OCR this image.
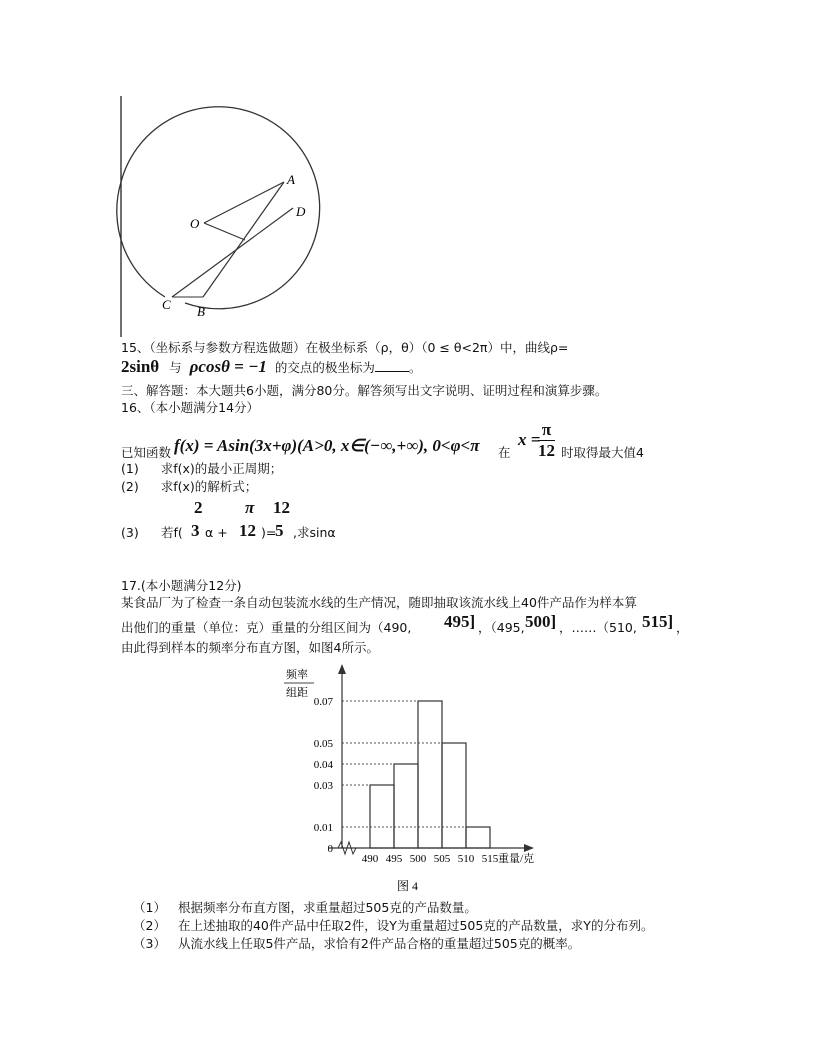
O
A
D
B
C
15、（坐标系与参数方程选做题）在极坐标系（ρ，θ）（0 ≤ θ<2π）中，曲线ρ=
2sinθ 与 ρcosθ = −1 的交点的极坐标为	。
三、解答题：本大题共6小题，满分80分。解答须写出文字说明、证明过程和演算步骤。
16、（本小题满分14分）
已知函数 f(x) = Asin(3x+φ)(A>0, x∈(−∞,+∞), 0<φ<π 在
x =
$\frac{\pi}{12}$ 时取得最大值4
(1) 求f(x)的最小正周期；
(2) 求f(x)的解析式；
(3) 若f(
2
3 α +
π
12 )=
12
5 ,求sinα
17.(本小题满分12分)
某食品厂为了检查一条自动包装流水线的生产情况，随即抽取该流水线上40件产品作为样本算
出他们的重量（单位：克）重量的分组区间为（490, 495] ，（495, 500] ，……（510, 515] ，
由此得到样本的频率分布直方图，如图4所示。
频率
组距
0
0.01
0.03
0.04
0.05
0.07
490 495 500 505 510 515 重量/克
图 4
（1） 根据频率分布直方图，求重量超过505克的产品数量。
（2） 在上述抽取的40件产品中任取2件，设Y为重量超过505克的产品数量，求Y的分布列。
（3） 从流水线上任取5件产品，求恰有2件产品合格的重量超过505克的概率。
